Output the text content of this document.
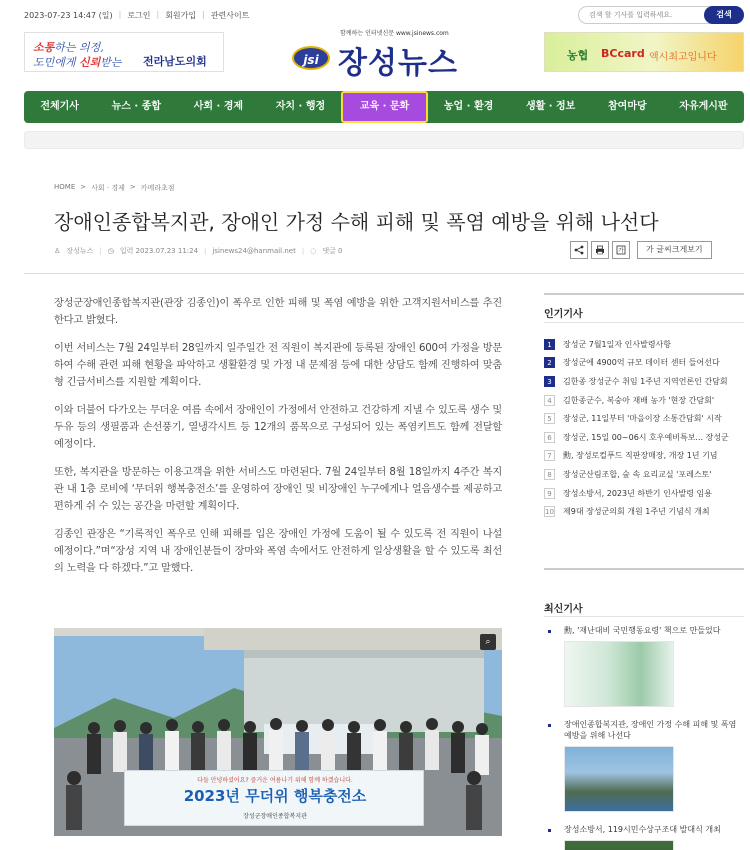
2023-07-23 14:47 (일) | 로그인 | 회원가입 | 관련사이트
검색 할 기사를 입력하세요.	검색
소통하는 의정,
도민에게 신뢰받는 전라남도의회
함께하는 인터넷신문 www.jsinews.com
jsi 장성뉴스	농협 BCcard 액시최고입니다
전체기사	뉴스 · 종합	사회 · 경제	자치 · 행정	교육 · 문화	농업 · 환경	생활 · 정보	참여마당	자유게시판
HOME > 사회 · 경제 > 카메라초점
장애인종합복지관, 장애인 가정 수해 피해 및 폭염 예방을 위해 나선다
♙ 장성뉴스 | ◷ 입력 2023.07.23 11:24 | jsinews24@hanmail.net | ◌ 댓글 0	가	가 글씨크게보기

장성군장애인종합복지관(관장 김종인)이 폭우로 인한 피해 및 폭염 예방을 위한 고객지원서비스를 추진한다고 밝혔다.

이번 서비스는 7월 24일부터 28일까지 일주일간 전 직원이 복지관에 등록된 장애인 600여 가정을 방문하여 수해 관련 피해 현황을 파악하고 생활환경 및 가정 내 문제점 등에 대한 상담도 함께 진행하여 맞춤형 긴급서비스를 지원할 계획이다.

이와 더불어 다가오는 무더운 여름 속에서 장애인이 가정에서 안전하고 건강하게 지낼 수 있도록 생수 및 두유 등의 생필품과 손선풍기, 열냉각시트 등 12개의 품목으로 구성되어 있는 폭염키트도 함께 전달할 예정이다.

또한, 복지관을 방문하는 이용고객을 위한 서비스도 마련된다. 7월 24일부터 8월 18일까지 4주간 복지관 내 1층 로비에 ‘무더위 행복충전소’를 운영하여 장애인 및 비장애인 누구에게나 얼음생수를 제공하고 편하게 쉬 수 있는 공간을 마련할 계획이다.

김종인 관장은 “기록적인 폭우로 인해 피해를 입은 장애인 가정에 도움이 될 수 있도록 전 직원이 나설 예정이다.”며“장성 지역 내 장애인분들이 장마와 폭염 속에서도 안전하게 일상생활을 할 수 있도록 최선의 노력을 다 하겠다.”고 말했다.

다들 안녕하셨어요? 즐거운 여름나기 위해 함께 하겠습니다.
2023년 무더위 행복충전소
장성군장애인종합복지관
⌕
인기기사
1	장성군 7월1일자 인사발령사항
2	장성군에 4900억 규모 데이터 센터 들어선다
3	김한종 장성군수 취임 1주년 지역언론인 간담회
4	김한종군수, 복숭아 재배 농가 '현장 간담회'
5	장성군, 11일부터 '마을이장 소통간담회' 시작
6	장성군, 15일 00~06시 호우예비특보... 장성군
7	勳, 장성로컬푸드 직판장매장, 개장 1년 기념
8	장성군산림조합, 숲 속 요리교실 '포레스토'
9	장성소방서, 2023년 하반기 인사발령 임용
10 제9대 장성군의회 개원 1주년 기념식 개최
최신기사
勳, '재난대비 국민행동요령' 책으로 만들었다
장애인종합복지관, 장애인 가정 수해 피해 및 폭염 예방을 위해 나선다
장성소방서, 119시민수상구조대 발대식 개최
